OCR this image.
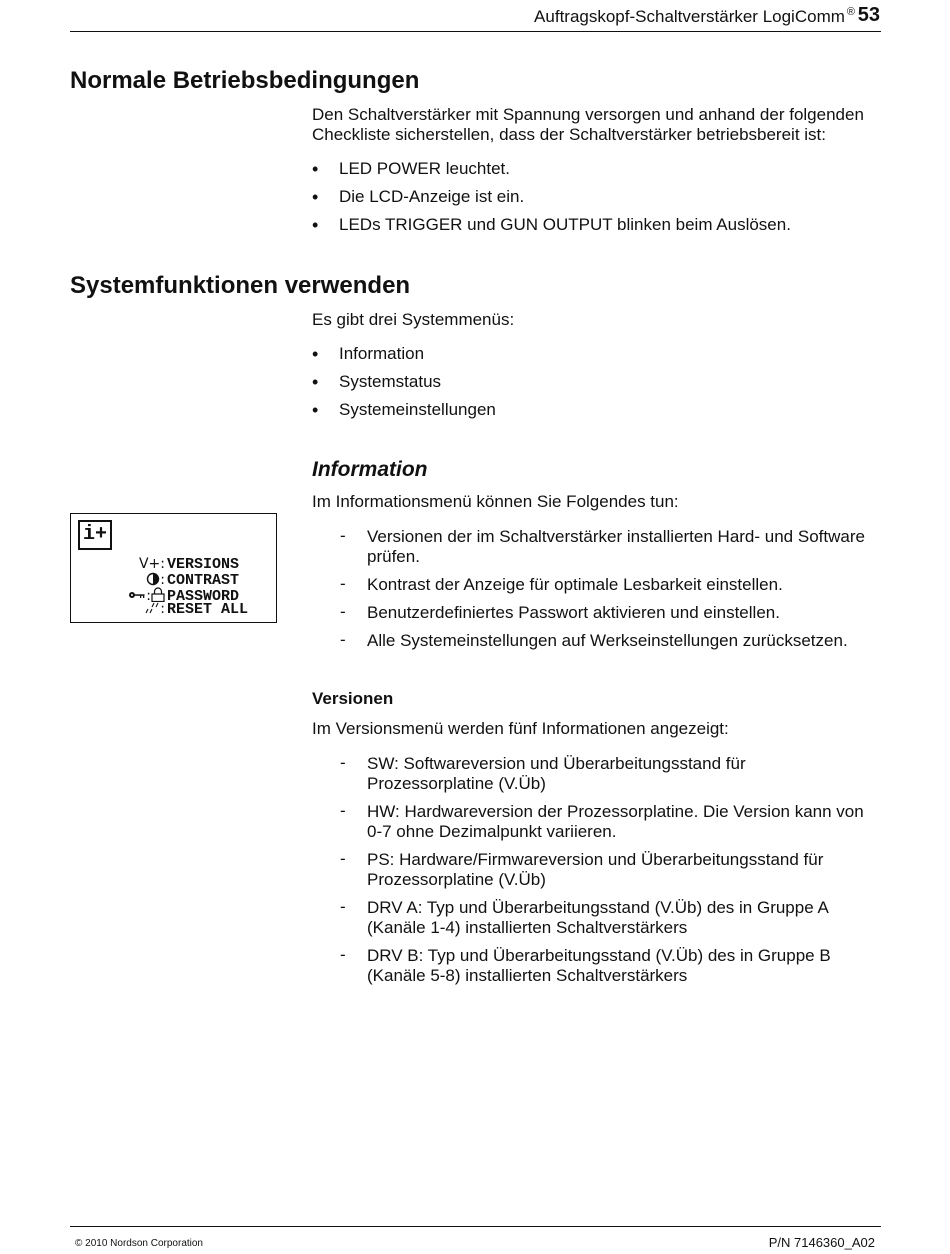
Auftragskopf-Schaltverstärker LogiComm ® 53
Normale Betriebsbedingungen
Den Schaltverstärker mit Spannung versorgen und anhand der folgenden
Checkliste sicherstellen, dass der Schaltverstärker betriebsbereit ist:
• LED POWER leuchtet.
• Die LCD-Anzeige ist ein.
• LEDs TRIGGER und GUN OUTPUT blinken beim Auslösen.
Systemfunktionen verwenden
Es gibt drei Systemmenüs:
• Information
• Systemstatus
• Systemeinstellungen
Information
Im Informationsmenü können Sie Folgendes tun:
- Versionen der im Schaltverstärker installierten Hard- und Software prüfen.
- Kontrast der Anzeige für optimale Lesbarkeit einstellen.
- Benutzerdefiniertes Passwort aktivieren und einstellen.
- Alle Systemeinstellungen auf Werkseinstellungen zurücksetzen.
i+
V+: VERSIONS
: CONTRAST
: PASSWORD
: RESET ALL
Versionen
Im Versionsmenü werden fünf Informationen angezeigt:
- SW: Softwareversion und Überarbeitungsstand für Prozessorplatine (V.Üb)
- HW: Hardwareversion der Prozessorplatine. Die Version kann von 0-7 ohne Dezimalpunkt variieren.
- PS: Hardware/Firmwareversion und Überarbeitungsstand für Prozessorplatine (V.Üb)
- DRV A: Typ und Überarbeitungsstand (V.Üb) des in Gruppe A (Kanäle 1-4) installierten Schaltverstärkers
- DRV B: Typ und Überarbeitungsstand (V.Üb) des in Gruppe B (Kanäle 5-8) installierten Schaltverstärkers
© 2010 Nordson Corporation	P/N 7146360_A02
